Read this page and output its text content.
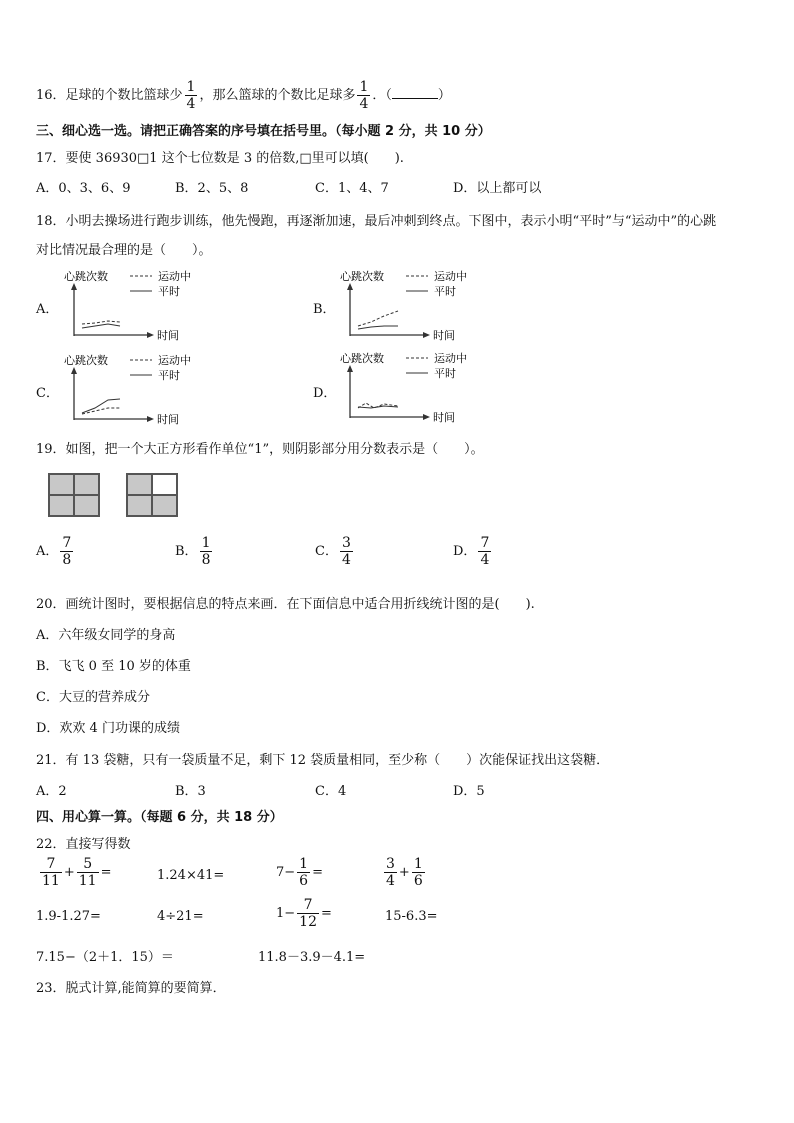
16．足球的个数比篮球少 $\frac{1}{4}$ ，那么篮球的个数比足球多 $\frac{1}{4}$ ．（	）
三、细心选一选。请把正确答案的序号填在括号里。（每小题 2 分，共 10 分）
17．要使 36930□1 这个七位数是 3 的倍数,□里可以填(　　).
A．0、3、6、9	B．2、5、8	C．1、4、7	D．以上都可以
18．小明去操场进行跑步训练，他先慢跑，再逐渐加速，最后冲刺到终点。下图中，表示小明“平时”与“运动中”的心跳
对比情况最合理的是（　　）。
A．
心跳次数
时间
运动中
平时
B．
心跳次数
时间
运动中
平时
C．
心跳次数
时间
运动中
平时
D．
心跳次数
时间
运动中
平时
19．如图，把一个大正方形看作单位“1”，则阴影部分用分数表示是（　　）。
A． $\frac{7}{8}$	B． $\frac{1}{8}$	C． $\frac{3}{4}$	D． $\frac{7}{4}$
20．画统计图时，要根据信息的特点来画．在下面信息中适合用折线统计图的是(　　).
A．六年级女同学的身高
B．飞飞 0 至 10 岁的体重
C．大豆的营养成分
D．欢欢 4 门功课的成绩
21．有 13 袋糖，只有一袋质量不足，剩下 12 袋质量相同，至少称（　　）次能保证找出这袋糖．
A．2	B．3	C．4	D．5
四、用心算一算。（每题 6 分，共 18 分）
22．直接写得数
$\frac{7}{11} + \frac{5}{11}$ =	1.24×41=	$7- \frac{1}{6}$ =	$\frac{3}{4} + \frac{1}{6}$
1.9-1.27=	4÷21=	$1- \frac{7}{12}$ =	15-6.3=
7.15−（2＋1．15）＝	11.8－3.9－4.1=
23．脱式计算,能简算的要简算．
